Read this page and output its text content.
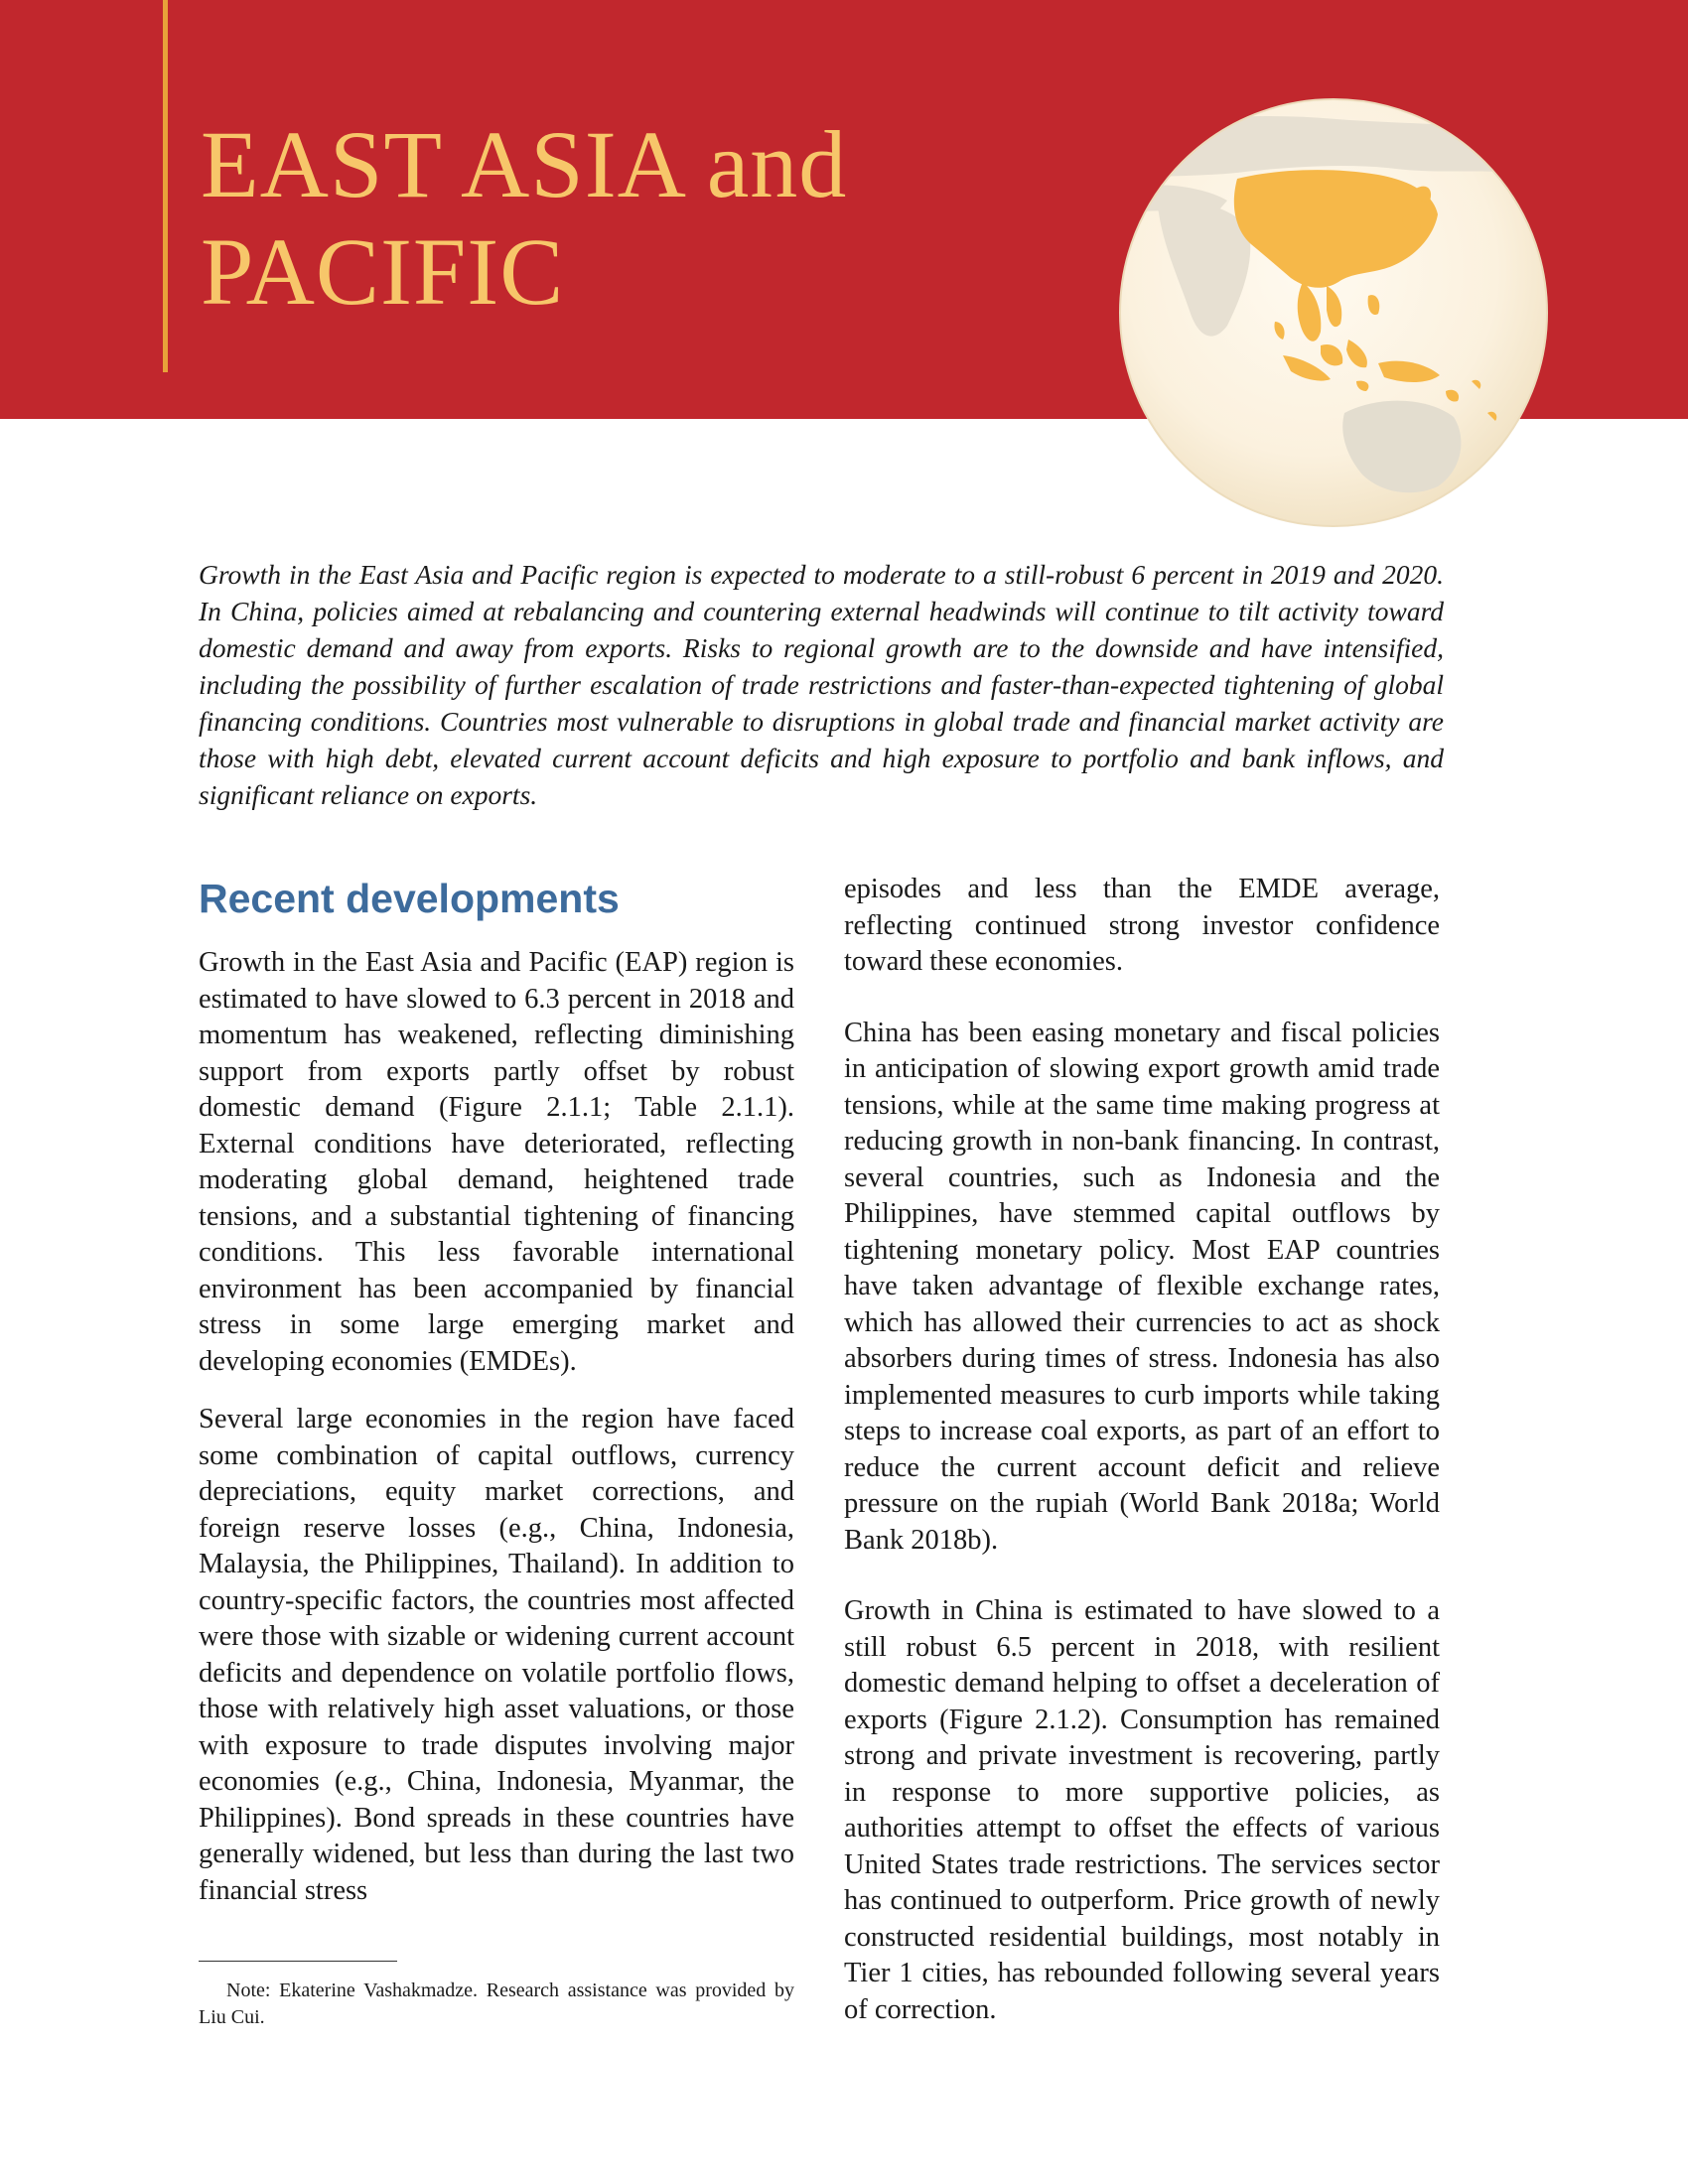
EAST ASIA and
PACIFIC

Growth in the East Asia and Pacific region is expected to moderate to a still-robust 6 percent in 2019 and 2020. In China, policies aimed at rebalancing and countering external headwinds will continue to tilt activity toward domestic demand and away from exports. Risks to regional growth are to the downside and have intensified, including the possibility of further escalation of trade restrictions and faster-than-expected tightening of global financing conditions. Countries most vulnerable to disruptions in global trade and financial market activity are those with high debt, elevated current account deficits and high exposure to portfolio and bank inflows, and significant reliance on exports.

Recent developments

Growth in the East Asia and Pacific (EAP) region is estimated to have slowed to 6.3 percent in 2018 and momentum has weakened, reflecting diminishing support from exports partly offset by robust domestic demand (Figure 2.1.1; Table 2.1.1). External conditions have deteriorated, reflecting moderating global demand, heightened trade tensions, and a substantial tightening of financing conditions. This less favorable international environment has been accompanied by financial stress in some large emerging market and developing economies (EMDEs).

Several large economies in the region have faced some combination of capital outflows, currency depreciations, equity market corrections, and foreign reserve losses (e.g., China, Indonesia, Malaysia, the Philippines, Thailand). In addition to country-specific factors, the countries most affected were those with sizable or widening current account deficits and dependence on volatile portfolio flows, those with relatively high asset valuations, or those with exposure to trade disputes involving major economies (e.g., China, Indonesia, Myanmar, the Philippines). Bond spreads in these countries have generally widened, but less than during the last two financial stress

episodes and less than the EMDE average, reflecting continued strong investor confidence toward these economies.

China has been easing monetary and fiscal policies in anticipation of slowing export growth amid trade tensions, while at the same time making progress at reducing growth in non-bank financing. In contrast, several countries, such as Indonesia and the Philippines, have stemmed capital outflows by tightening monetary policy. Most EAP countries have taken advantage of flexible exchange rates, which has allowed their currencies to act as shock absorbers during times of stress. Indonesia has also implemented measures to curb imports while taking steps to increase coal exports, as part of an effort to reduce the current account deficit and relieve pressure on the rupiah (World Bank 2018a; World Bank 2018b).

Growth in China is estimated to have slowed to a still robust 6.5 percent in 2018, with resilient domestic demand helping to offset a deceleration of exports (Figure 2.1.2). Consumption has remained strong and private investment is recovering, partly in response to more supportive policies, as authorities attempt to offset the effects of various United States trade restrictions. The services sector has continued to outperform. Price growth of newly constructed residential buildings, most notably in Tier 1 cities, has rebounded following several years of correction.

Note: Ekaterine Vashakmadze. Research assistance was provided by Liu Cui.
